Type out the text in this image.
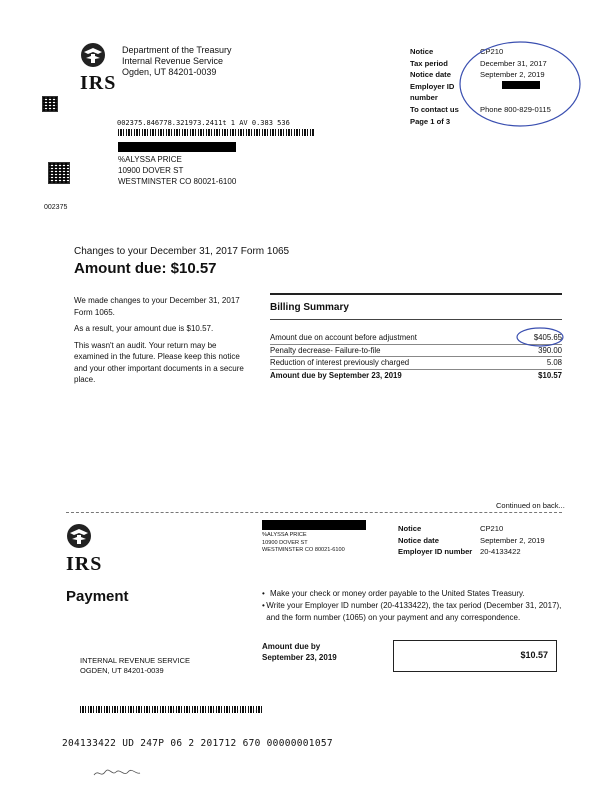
IRS
Department of the Treasury
Internal Revenue Service
Ogden, UT 84201-0039
Notice	CP210
Tax period	December 31, 2017
Notice date	September 2, 2019
Employer ID number
To contact us	Phone 800-829-0115
Page 1 of 3
002375.846778.321973.2411t 1 AV 0.383 536
%ALYSSA PRICE
10900 DOVER ST
WESTMINSTER CO 80021-6100
002375
Changes to your December 31, 2017 Form 1065
Amount due: $10.57
We made changes to your December 31, 2017 Form 1065.
As a result, your amount due is $10.57.
This wasn't an audit. Your return may be examined in the future. Please keep this notice and your other important documents in a secure place.
Billing Summary
Amount due on account before adjustment	$405.65
Penalty decrease- Failure-to-file	390.00
Reduction of interest previously charged	5.08
Amount due by September 23, 2019	$10.57
Continued on back...
IRS
%ALYSSA PRICE
10900 DOVER ST
WESTMINSTER CO 80021-6100
Notice	CP210
Notice date	September 2, 2019
Employer ID number	20-4133422
Payment	• Make your check or money order payable to the United States Treasury.
• Write your Employer ID number (20-4133422), the tax period (December 31, 2017), and the form number (1065) on your payment and any correspondence.
Amount due by
September 23, 2019	$10.57
INTERNAL REVENUE SERVICE
OGDEN, UT 84201-0039
204133422 UD 247P 06 2 201712 670 00000001057
